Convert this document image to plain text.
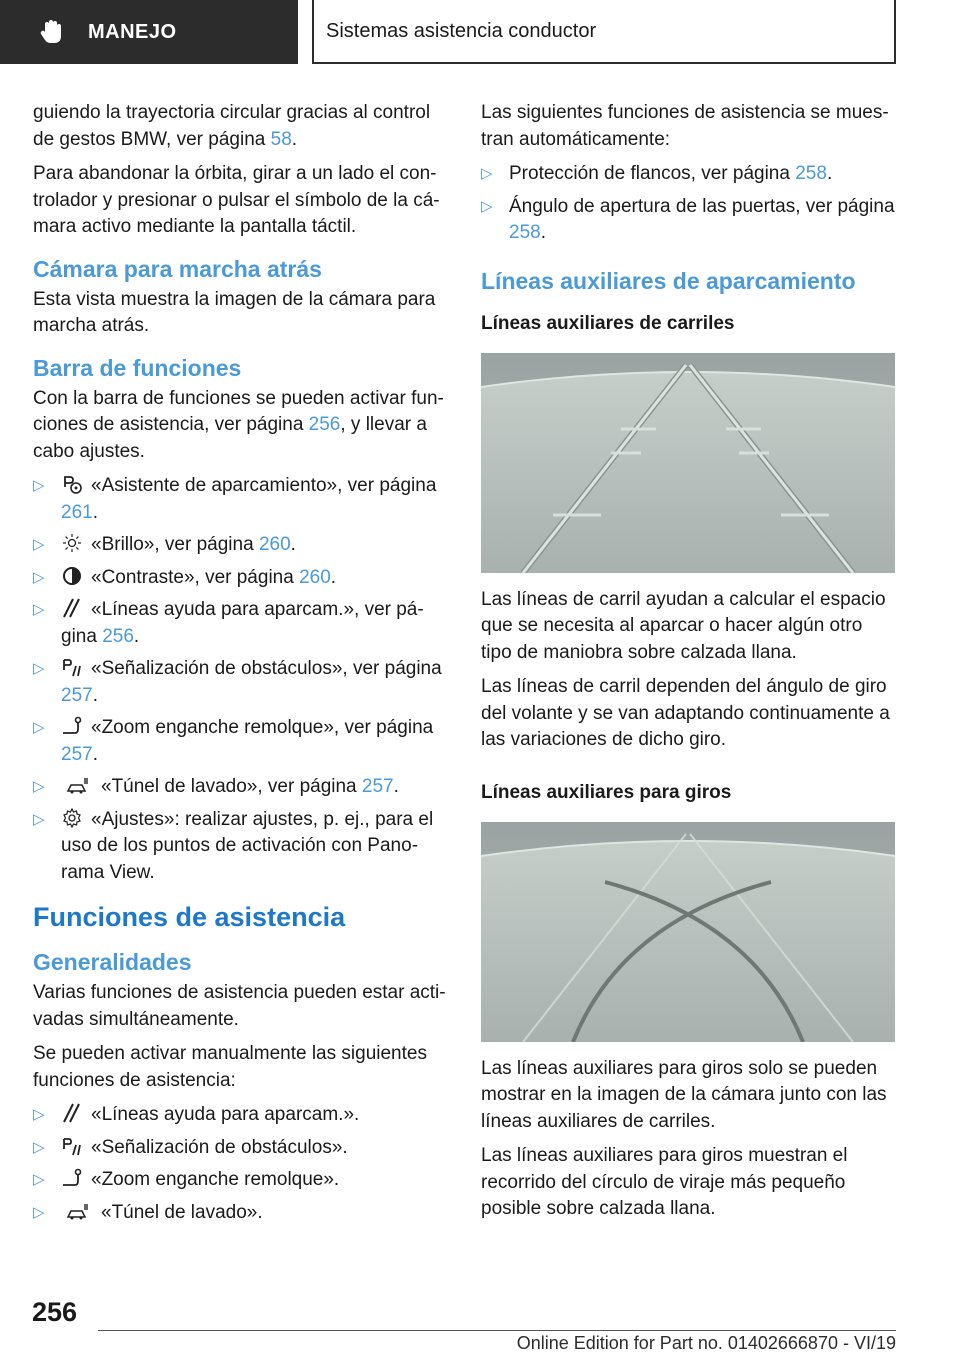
MANEJO	Sistemas asistencia conductor

guiendo la trayectoria circular gracias al control de gestos BMW, ver página 58.

Para abandonar la órbita, girar a un lado el controlador y presionar o pulsar el símbolo de la cámara activo mediante la pantalla táctil.

Cámara para marcha atrás

Esta vista muestra la imagen de la cámara para marcha atrás.

Barra de funciones

Con la barra de funciones se pueden activar funciones de asistencia, ver página 256, y llevar a cabo ajustes.

▷ «Asistente de aparcamiento», ver página 261.
▷ «Brillo», ver página 260.
▷ «Contraste», ver página 260.
▷ «Líneas ayuda para aparcam.», ver página 256.
▷ «Señalización de obstáculos», ver página 257.
▷ «Zoom enganche remolque», ver página 257.
▷	«Túnel de lavado», ver página 257.
▷ «Ajustes»: realizar ajustes, p. ej., para el uso de los puntos de activación con Panorama View.
Funciones de asistencia
Generalidades

Varias funciones de asistencia pueden estar activadas simultáneamente.

Se pueden activar manualmente las siguientes funciones de asistencia:

▷ «Líneas ayuda para aparcam.».
▷ «Señalización de obstáculos».
▷ «Zoom enganche remolque».
▷	«Túnel de lavado».

Las siguientes funciones de asistencia se muestran automáticamente:

▷ Protección de flancos, ver página 258.
▷ Ángulo de apertura de las puertas, ver página 258.
Líneas auxiliares de aparcamiento
Líneas auxiliares de carriles

Las líneas de carril ayudan a calcular el espacio que se necesita al aparcar o hacer algún otro tipo de maniobra sobre calzada llana.

Las líneas de carril dependen del ángulo de giro del volante y se van adaptando continuamente a las variaciones de dicho giro.

Líneas auxiliares para giros

Las líneas auxiliares para giros solo se pueden mostrar en la imagen de la cámara junto con las líneas auxiliares de carriles.

Las líneas auxiliares para giros muestran el recorrido del círculo de viraje más pequeño posible sobre calzada llana.

256
Online Edition for Part no. 01402666870 - VI/19
